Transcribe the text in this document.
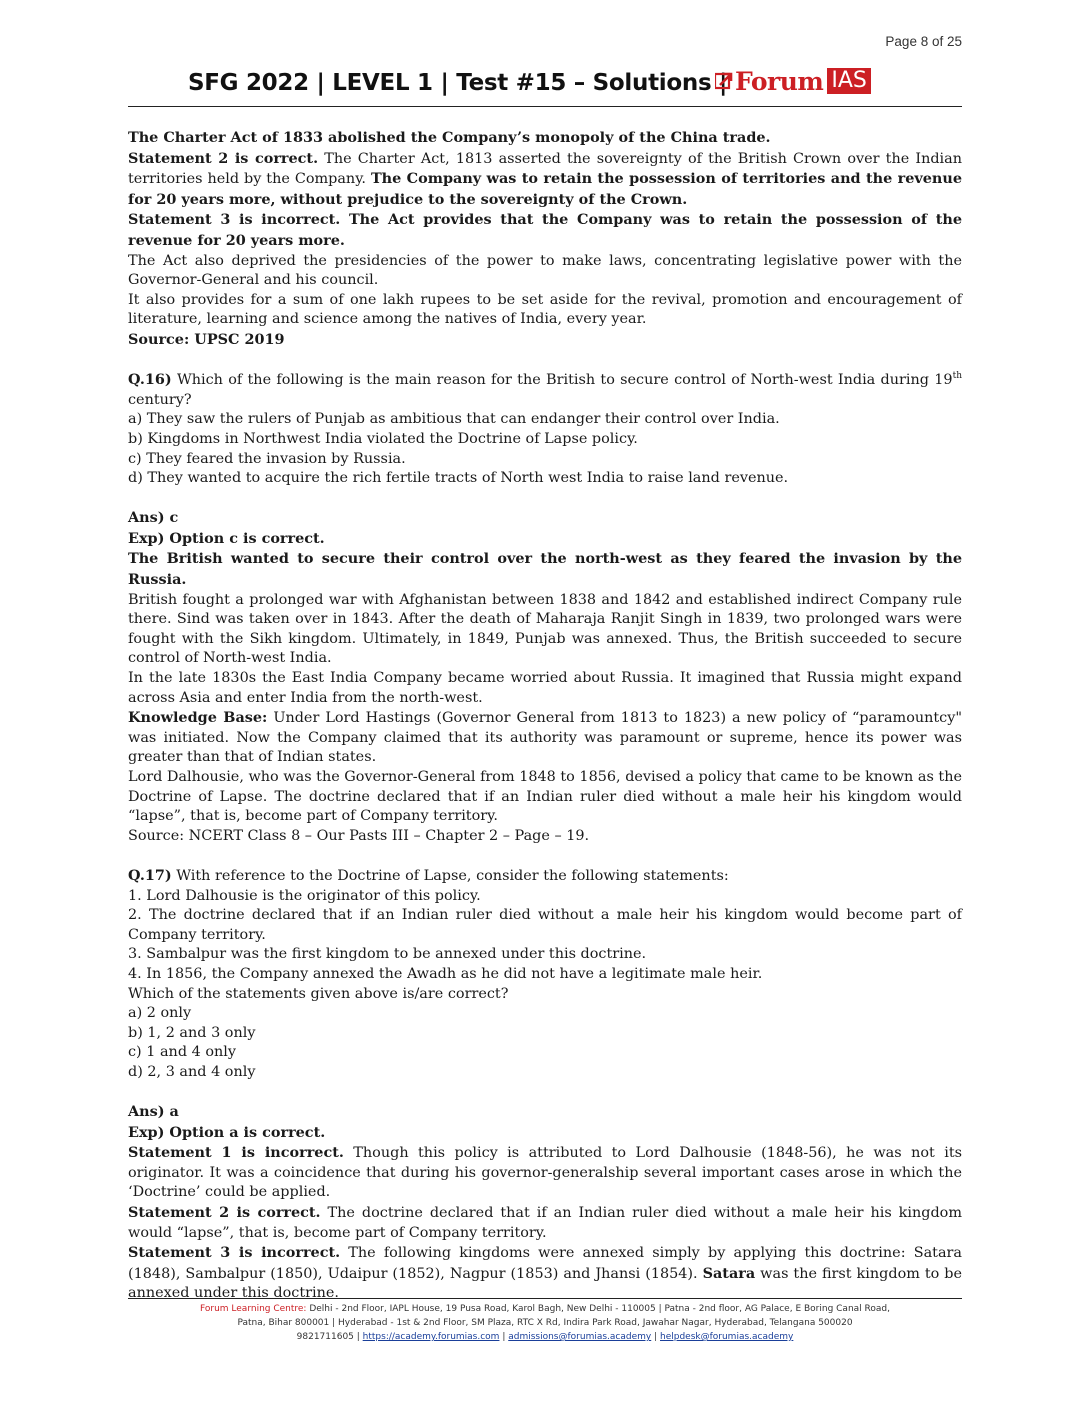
Page 8 of 25
SFG 2022 | LEVEL 1 | Test #15 – Solutions | Forum IAS

The Charter Act of 1833 abolished the Company’s monopoly of the China trade.

Statement 2 is correct. The Charter Act, 1813 asserted the sovereignty of the British Crown over the Indian territories held by the Company. The Company was to retain the possession of territories and the revenue for 20 years more, without prejudice to the sovereignty of the Crown.

Statement 3 is incorrect. The Act provides that the Company was to retain the possession of the revenue for 20 years more.

The Act also deprived the presidencies of the power to make laws, concentrating legislative power with the Governor-General and his council.

It also provides for a sum of one lakh rupees to be set aside for the revival, promotion and encouragement of literature, learning and science among the natives of India, every year.

Source: UPSC 2019

Q.16) Which of the following is the main reason for the British to secure control of North-west India during 19th century?

a) They saw the rulers of Punjab as ambitious that can endanger their control over India.

b) Kingdoms in Northwest India violated the Doctrine of Lapse policy.

c) They feared the invasion by Russia.

d) They wanted to acquire the rich fertile tracts of North west India to raise land revenue.

Ans) c

Exp) Option c is correct.

The British wanted to secure their control over the north-west as they feared the invasion by the Russia.

British fought a prolonged war with Afghanistan between 1838 and 1842 and established indirect Company rule there. Sind was taken over in 1843. After the death of Maharaja Ranjit Singh in 1839, two prolonged wars were fought with the Sikh kingdom. Ultimately, in 1849, Punjab was annexed. Thus, the British succeeded to secure control of North-west India.

In the late 1830s the East India Company became worried about Russia. It imagined that Russia might expand across Asia and enter India from the north-west.

Knowledge Base: Under Lord Hastings (Governor General from 1813 to 1823) a new policy of “paramountcy" was initiated. Now the Company claimed that its authority was paramount or supreme, hence its power was greater than that of Indian states.

Lord Dalhousie, who was the Governor-General from 1848 to 1856, devised a policy that came to be known as the Doctrine of Lapse. The doctrine declared that if an Indian ruler died without a male heir his kingdom would “lapse”, that is, become part of Company territory.

Source: NCERT Class 8 – Our Pasts III – Chapter 2 – Page – 19.

Q.17) With reference to the Doctrine of Lapse, consider the following statements:

1. Lord Dalhousie is the originator of this policy.

2. The doctrine declared that if an Indian ruler died without a male heir his kingdom would become part of Company territory.

3. Sambalpur was the first kingdom to be annexed under this doctrine.

4. In 1856, the Company annexed the Awadh as he did not have a legitimate male heir.

Which of the statements given above is/are correct?

a) 2 only

b) 1, 2 and 3 only

c) 1 and 4 only

d) 2, 3 and 4 only

Ans) a

Exp) Option a is correct.

Statement 1 is incorrect. Though this policy is attributed to Lord Dalhousie (1848-56), he was not its originator. It was a coincidence that during his governor-generalship several important cases arose in which the ‘Doctrine’ could be applied.

Statement 2 is correct. The doctrine declared that if an Indian ruler died without a male heir his kingdom would “lapse”, that is, become part of Company territory.

Statement 3 is incorrect. The following kingdoms were annexed simply by applying this doctrine: Satara (1848), Sambalpur (1850), Udaipur (1852), Nagpur (1853) and Jhansi (1854). Satara was the first kingdom to be annexed under this doctrine.

Forum Learning Centre: Delhi - 2nd Floor, IAPL House, 19 Pusa Road, Karol Bagh, New Delhi - 110005 | Patna - 2nd floor, AG Palace, E Boring Canal Road,
Patna, Bihar 800001 | Hyderabad - 1st & 2nd Floor, SM Plaza, RTC X Rd, Indira Park Road, Jawahar Nagar, Hyderabad, Telangana 500020
9821711605 | https://academy.forumias.com | admissions@forumias.academy | helpdesk@forumias.academy
